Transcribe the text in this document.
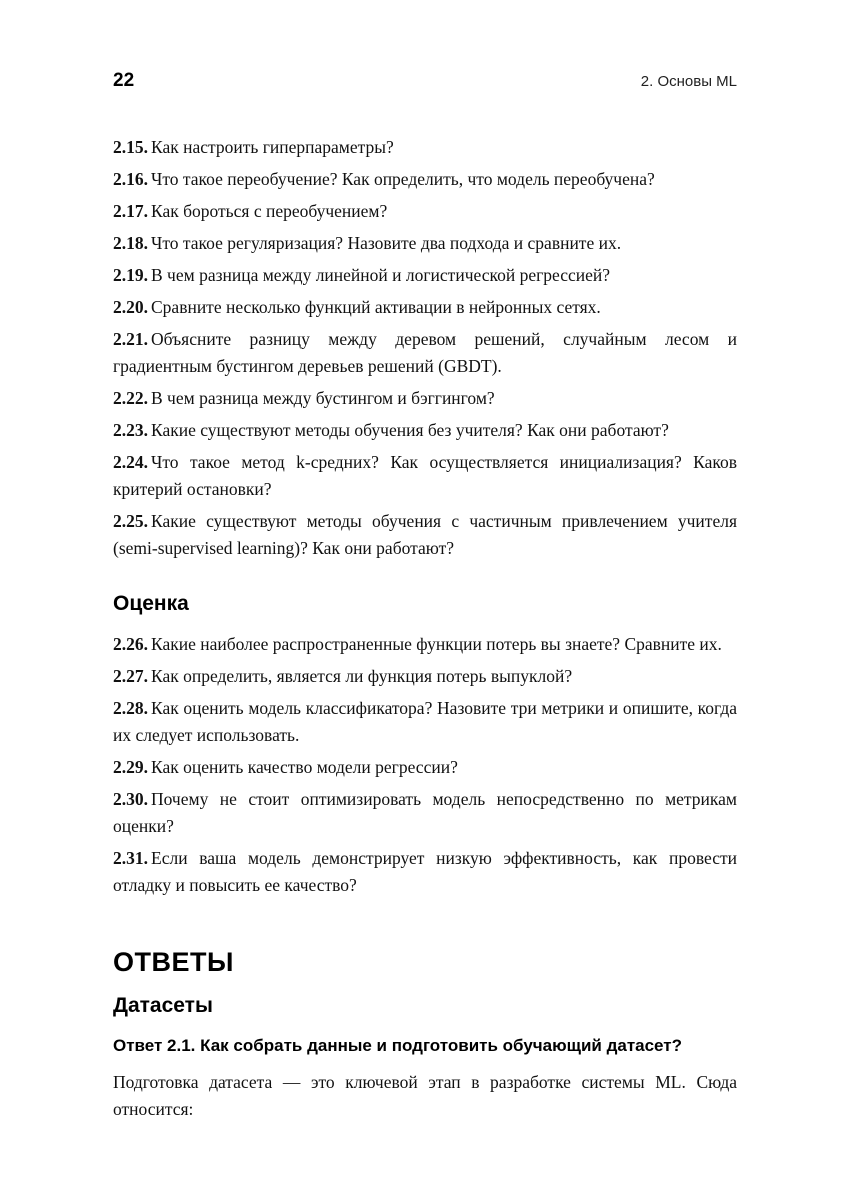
22	2. Основы ML

2.15. Как настроить гиперпараметры?

2.16. Что такое переобучение? Как определить, что модель переобучена?

2.17. Как бороться с переобучением?

2.18. Что такое регуляризация? Назовите два подхода и сравните их.

2.19. В чем разница между линейной и логистической регрессией?

2.20. Сравните несколько функций активации в нейронных сетях.

2.21. Объясните разницу между деревом решений, случайным лесом и градиентным бустингом деревьев решений (GBDT).

2.22. В чем разница между бустингом и бэггингом?

2.23. Какие существуют методы обучения без учителя? Как они работают?

2.24. Что такое метод k-средних? Как осуществляется инициализация? Каков критерий остановки?

2.25. Какие существуют методы обучения с частичным привлечением учителя (semi-supervised learning)? Как они работают?

Оценка

2.26. Какие наиболее распространенные функции потерь вы знаете? Сравните их.

2.27. Как определить, является ли функция потерь выпуклой?

2.28. Как оценить модель классификатора? Назовите три метрики и опишите, когда их следует использовать.

2.29. Как оценить качество модели регрессии?

2.30. Почему не стоит оптимизировать модель непосредственно по метрикам оценки?

2.31. Если ваша модель демонстрирует низкую эффективность, как провести отладку и повысить ее качество?

ОТВЕТЫ
Датасеты
Ответ 2.1. Как собрать данные и подготовить обучающий датасет?

Подготовка датасета — это ключевой этап в разработке системы ML. Сюда относится:
